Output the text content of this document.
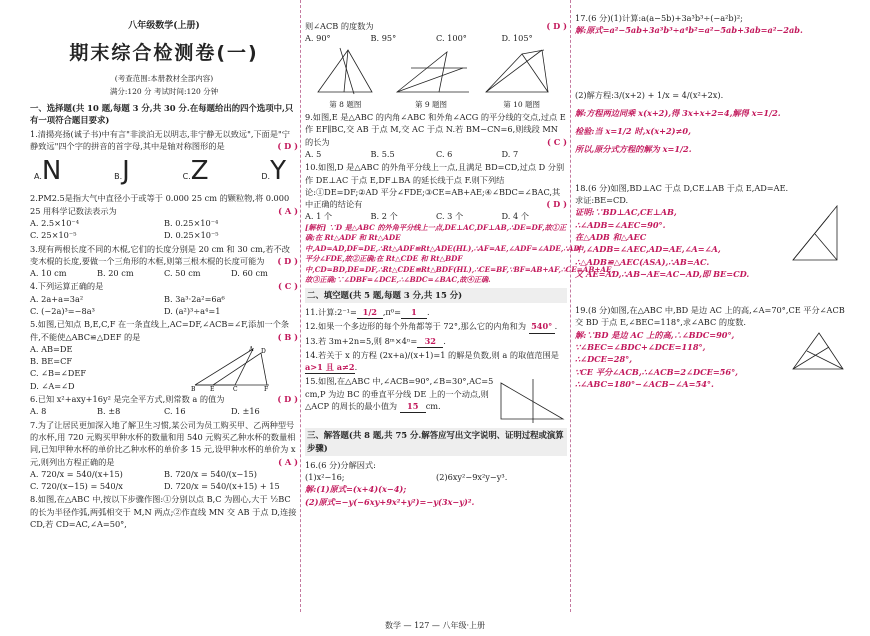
八年级数学(上册)
期末综合检测卷(一)
(考查范围:本册教材全部内容)
满分:120 分 考试时间:120 分钟
一、选择题(共 10 题,每题 3 分,共 30 分.在每题给出的四个选项中,只有一项符合题目要求)
1.清揚亮扬(诚子书)中有言"非淡泊无以明志,非宁静无以致远",下面是"宁静致远"四个字的拼音的首字母,其中是轴对称图形的是	( D )
A.N	B.J	C.Z	D.Y
2.PM2.5是指大气中直径小于或等于 0.000 25 cm 的颗粒物,将 0.000 25 用科学记数法表示为	( A )
A. 2.5×10⁻⁴	B. 0.25×10⁻⁴
C. 25×10⁻⁵	D. 0.25×10⁻⁵
3.现有两根长度不同的木棍,它们的长度分别是 20 cm 和 30 cm,若不改变木棍的长度,要做一个三角形的木框,则第三根木棍的长度可能为 ( D )
A. 10 cm	B. 20 cm	C. 50 cm	D. 60 cm
4.下列运算正确的是	( C )
A. 2a+a=3a²	B. 3a³·2a²=6a⁶
C. (−2a)³=−8a³	D. (a²)³÷a⁴=1
5.如图,已知点 B,E,C,F 在一条直线上,AC=DF,∠ACB=∠F,添加一个条件,不能使△ABC≌△DEF 的是	( B )
A. AB=DE
B. BE=CF
C. ∠B=∠DEF
D. ∠A=∠D
A D
B E	C	F
6.已知 x²+axy+16y² 是完全平方式,则常数 a 的值为	( D )
A. 8	B. ±8	C. 16	D. ±16
7.为了让居民更加深入地了解卫生习惯,某公司为员工购买甲、乙两种型号的水杯,用 720 元购买甲种水杯的数量和用 540 元购买乙种水杯的数量相同,已知甲种水杯的单价比乙种水杯的单价多 15 元,设甲种水杯的单价为 x 元,则列出方程正确的是	( A )
A. 720/x = 540/(x+15)	B. 720/x = 540/(x−15)
C. 720/(x−15) = 540/x	D. 720/x = 540/(x+15) + 15
8.如图,在△ABC 中,按以下步骤作图:①分别以点 B,C 为圆心,大于 ½BC 的长为半径作弧,两弧相交于 M,N 两点;②作直线 MN 交 AB 于点 D,连接 CD,若 CD=AC,∠A=50°,
则∠ACB 的度数为	( D )
A. 90°	B. 95°	C. 100°	D. 105°
第 8 题图	第 9 题图	第 10 题图
9.如图,E 是△ABC 的内角∠ABC 和外角∠ACG 的平分线的交点,过点 E 作 EF∥BC,交 AB 于点 M,交 AC 于点 N.若 BM−CN=6,则线段 MN 的长为	( C )
A. 5	B. 5.5	C. 6	D. 7
10.如图,D 是△ABC 的外角平分线上一点,且满足 BD=CD,过点 D 分别作 DE⊥AC 于点 E,DF⊥BA 的延长线于点 F.则下列结论:①DE=DF;②AD 平分∠FDE;③CE=AB+AE;④∠BDC=∠BAC,其中正确的结论有	( D )
A. 1 个	B. 2 个	C. 3 个	D. 4 个
[解析] ∵D 是△ABC 的外角平分线上一点,DE⊥AC,DF⊥AB,∴DE=DF,故①正确;在 Rt△ADF 和 Rt△ADE 中,AD=AD,DF=DE,∴Rt△ADF≌Rt△ADE(HL),∴AF=AE,∠ADF=∠ADE,∴AD 平分∠FDE,故②正确;在 Rt△CDE 和 Rt△BDF 中,CD=BD,DE=DF,∴Rt△CDE≌Rt△BDF(HL),∴CE=BF,∵BF=AB+AF,∴CE=AB+AE,故③正确;∵∠DBF=∠DCE,∴∠BDC=∠BAC,故④正确.
二、填空题(共 5 题,每题 3 分,共 15 分)
11.计算:2⁻¹= 1/2 ,π⁰= 1 .
12.如果一个多边形的每个外角都等于 72°,那么它的内角和为 540° .
13.若 3m+2n=5,则 8ᵐ×4ⁿ= 32 .
14.若关于 x 的方程 (2x+a)/(x+1)=1 的解是负数,则 a 的取值范围是 a>1 且 a≠2.
15.如图,在△ABC 中,∠ACB=90°,∠B=30°,AC=5 cm,P 为边 BC 的垂直平分线 DE 上的一个动点,则△ACP 的周长的最小值为 15 cm.
三、解答题(共 8 题,共 75 分.解答应写出文字说明、证明过程或演算步骤)
16.(6 分)分解因式:
(1)x²−16;	(2)6xy²−9x²y−y³.
解:(1)原式=(x+4)(x−4);
(2)原式=−y(−6xy+9x²+y²)=−y(3x−y)².
17.(6 分)(1)计算:a(a−5b)+3a³b³÷(−a²b)²;
解:原式=a²−5ab+3a³b³÷a⁴b²=a²−5ab+3ab=a²−2ab.
(2)解方程:3/(x+2) + 1/x = 4/(x²+2x).
解:方程两边同乘 x(x+2),得 3x+x+2=4,解得 x=1/2.
检验:当 x=1/2 时,x(x+2)≠0,
所以,原分式方程的解为 x=1/2.
18.(6 分)如图,BD⊥AC 于点 D,CE⊥AB 于点 E,AD=AE.求证:BE=CD.
证明:∵BD⊥AC,CE⊥AB,
∴∠ADB=∠AEC=90°.
在△ADB 和△AEC 中,∠ADB=∠AEC,AD=AE,∠A=∠A,
∴△ADB≌△AEC(ASA),∴AB=AC.
又 AE=AD,∴AB−AE=AC−AD,即 BE=CD.
19.(8 分)如图,在△ABC 中,BD 是边 AC 上的高,∠A=70°,CE 平分∠ACB 交 BD 于点 E,∠BEC=118°,求∠ABC 的度数.
解:∵BD 是边 AC 上的高,∴∠BDC=90°,
∵∠BEC=∠BDC+∠DCE=118°,
∴∠DCE=28°,
∵CE 平分∠ACB,∴∠ACB=2∠DCE=56°,
∴∠ABC=180°−∠ACB−∠A=54°.
数学 — 127 — 八年级·上册
